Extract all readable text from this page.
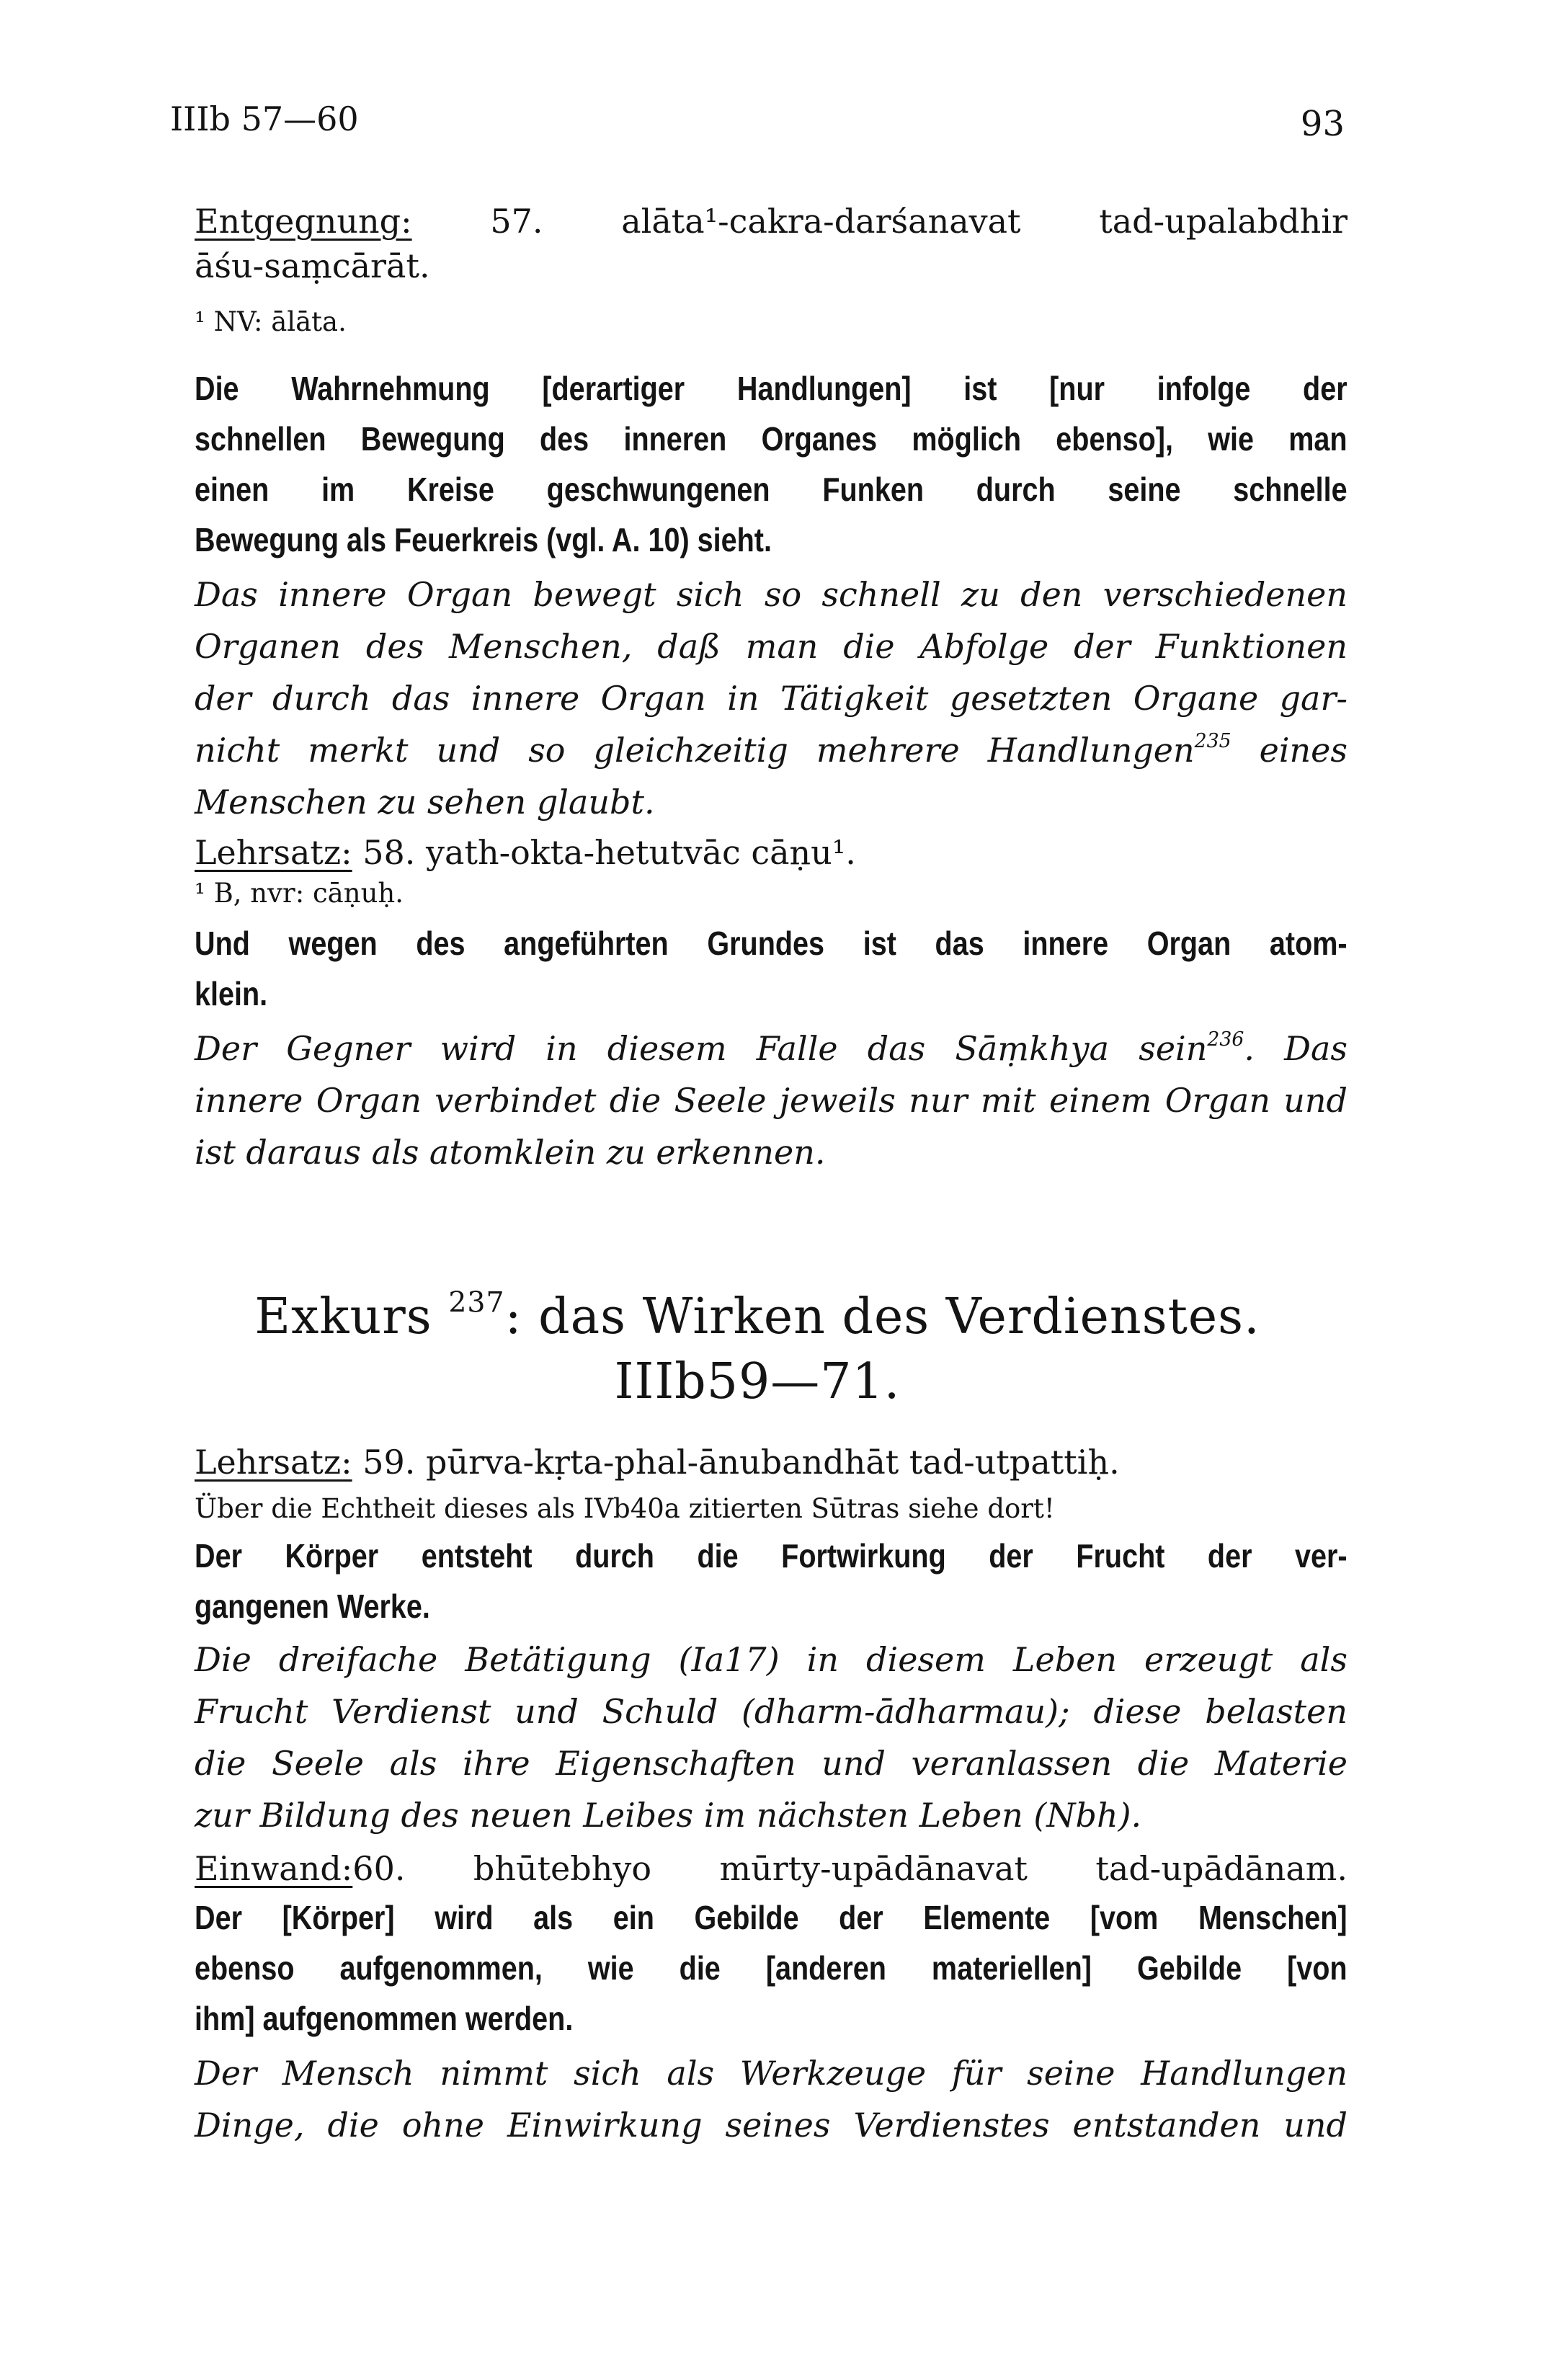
IIIb 57—60	93
Entgegnung: 57. alāta¹-cakra-darśanavat tad-upalabdhir
āśu-saṃcārāt.
¹ NV: ālāta.
Die Wahrnehmung [derartiger Handlungen] ist [nur infolge der
schnellen Bewegung des inneren Organes möglich ebenso], wie man
einen im Kreise geschwungenen Funken durch seine schnelle
Bewegung als Feuerkreis (vgl. A. 10) sieht.
Das innere Organ bewegt sich so schnell zu den verschiedenen
Organen des Menschen, daß man die Abfolge der Funktionen
der durch das innere Organ in Tätigkeit gesetzten Organe gar-
nicht merkt und so gleichzeitig mehrere Handlungen$^{235}$ eines
Menschen zu sehen glaubt.
Lehrsatz: 58. yath-okta-hetutvāc cāṇu¹.
¹ B, nvr: cāṇuḥ.
Und wegen des angeführten Grundes ist das innere Organ atom-
klein.
Der Gegner wird in diesem Falle das Sāṃkhya sein$^{236}$. Das
innere Organ verbindet die Seele jeweils nur mit einem Organ und
ist daraus als atomklein zu erkennen.
Exkurs $^{237}$: das Wirken des Verdienstes.
IIIb59—71.
Lehrsatz: 59. pūrva-kṛta-phal-ānubandhāt tad-utpattiḥ.
Über die Echtheit dieses als IVb40a zitierten Sūtras siehe dort!
Der Körper entsteht durch die Fortwirkung der Frucht der ver-
gangenen Werke.
Die dreifache Betätigung (Ia17) in diesem Leben erzeugt als
Frucht Verdienst und Schuld (dharm-ādharmau); diese belasten
die Seele als ihre Eigenschaften und veranlassen die Materie
zur Bildung des neuen Leibes im nächsten Leben (Nbh).
Einwand:60. bhūtebhyo mūrty-upādānavat tad-upādānam.
Der [Körper] wird als ein Gebilde der Elemente [vom Menschen]
ebenso aufgenommen, wie die [anderen materiellen] Gebilde [von
ihm] aufgenommen werden.
Der Mensch nimmt sich als Werkzeuge für seine Handlungen
Dinge, die ohne Einwirkung seines Verdienstes entstanden und
